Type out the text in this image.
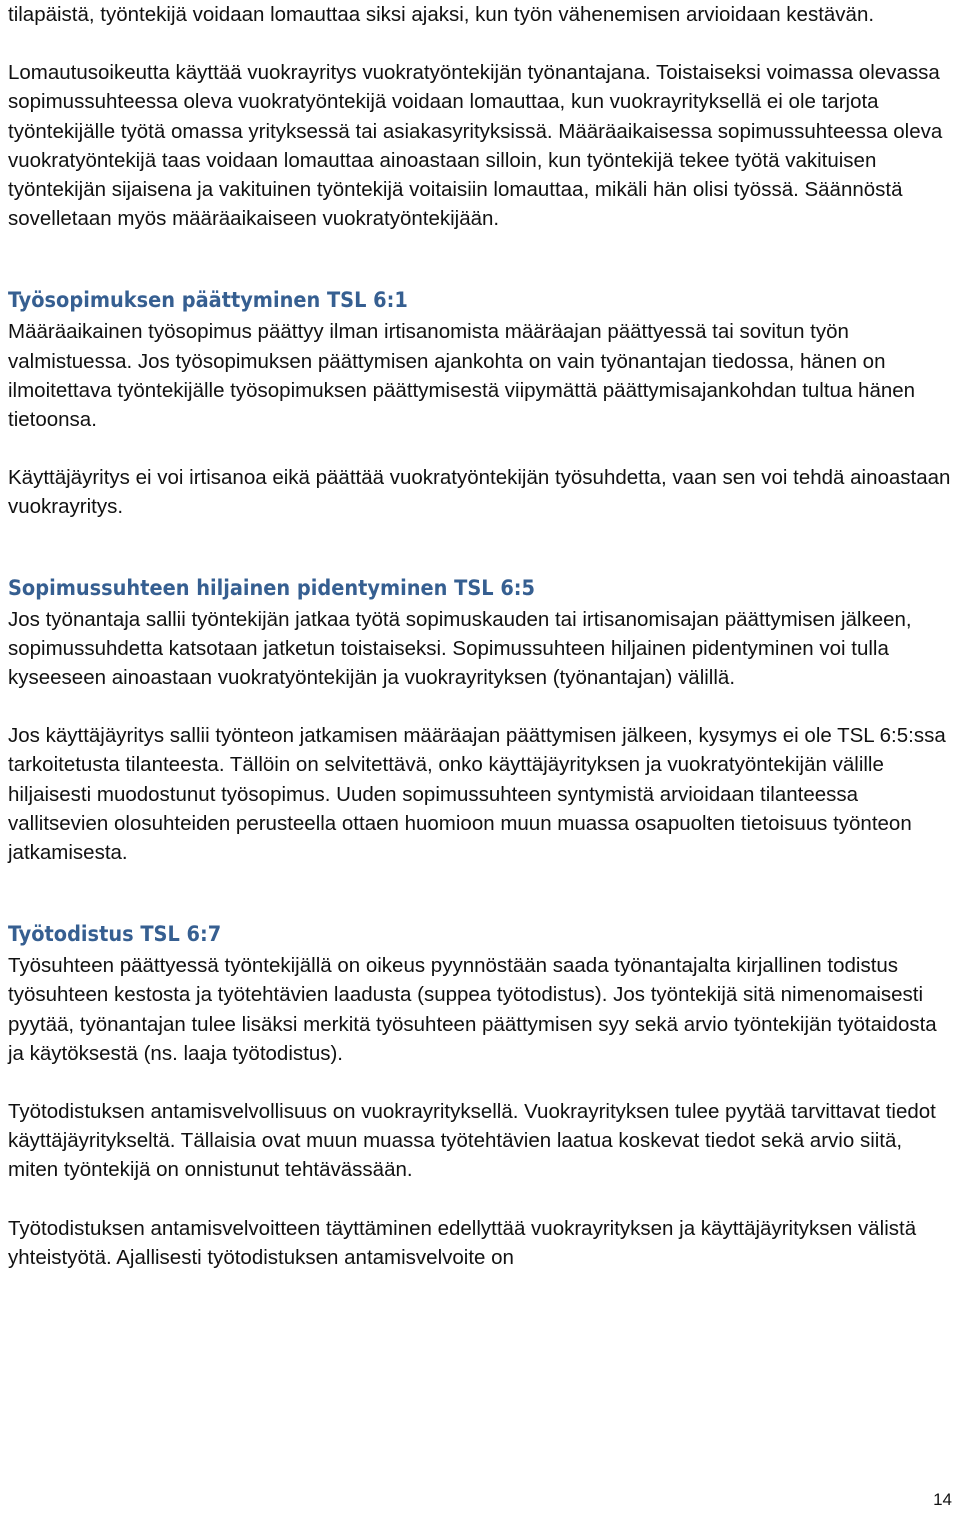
tilapäistä, työntekijä voidaan lomauttaa siksi ajaksi, kun työn vähenemisen arvioidaan kestävän.

Lomautusoikeutta käyttää vuokrayritys vuokratyöntekijän työnantajana. Toistaiseksi voimassa olevassa sopimussuhteessa oleva vuokratyöntekijä voidaan lomauttaa, kun vuokrayrityksellä ei ole tarjota työntekijälle työtä omassa yrityksessä tai asiakasyrityksissä. Määräaikaisessa sopimussuhteessa oleva vuokratyöntekijä taas voidaan lomauttaa ainoastaan silloin, kun työntekijä tekee työtä vakituisen työntekijän sijaisena ja vakituinen työntekijä voitaisiin lomauttaa, mikäli hän olisi työssä. Säännöstä sovelletaan myös määräaikaiseen vuokratyöntekijään.

Työsopimuksen päättyminen TSL 6:1

Määräaikainen työsopimus päättyy ilman irtisanomista määräajan päättyessä tai sovitun työn valmistuessa. Jos työsopimuksen päättymisen ajankohta on vain työnantajan tiedossa, hänen on ilmoitettava työntekijälle työsopimuksen päättymisestä viipymättä päättymisajankohdan tultua hänen tietoonsa.

Käyttäjäyritys ei voi irtisanoa eikä päättää vuokratyöntekijän työsuhdetta, vaan sen voi tehdä ainoastaan vuokrayritys.

Sopimussuhteen hiljainen pidentyminen TSL 6:5

Jos työnantaja sallii työntekijän jatkaa työtä sopimuskauden tai irtisanomisajan päättymisen jälkeen, sopimussuhdetta katsotaan jatketun toistaiseksi. Sopimussuhteen hiljainen pidentyminen voi tulla kyseeseen ainoastaan vuokratyöntekijän ja vuokrayrityksen (työnantajan) välillä.

Jos käyttäjäyritys sallii työnteon jatkamisen määräajan päättymisen jälkeen, kysymys ei ole TSL 6:5:ssa tarkoitetusta tilanteesta. Tällöin on selvitettävä, onko käyttäjäyrityksen ja vuokratyöntekijän välille hiljaisesti muodostunut työsopimus. Uuden sopimussuhteen syntymistä arvioidaan tilanteessa vallitsevien olosuhteiden perusteella ottaen huomioon muun muassa osapuolten tietoisuus työnteon jatkamisesta.

Työtodistus TSL 6:7

Työsuhteen päättyessä työntekijällä on oikeus pyynnöstään saada työnantajalta kirjallinen todistus työsuhteen kestosta ja työtehtävien laadusta (suppea työtodistus). Jos työntekijä sitä nimenomaisesti pyytää, työnantajan tulee lisäksi merkitä työsuhteen päättymisen syy sekä arvio työntekijän työtaidosta ja käytöksestä (ns. laaja työtodistus).

Työtodistuksen antamisvelvollisuus on vuokrayrityksellä. Vuokrayrityksen tulee pyytää tarvittavat tiedot käyttäjäyritykseltä. Tällaisia ovat muun muassa työtehtävien laatua koskevat tiedot sekä arvio siitä, miten työntekijä on onnistunut tehtävässään.

Työtodistuksen antamisvelvoitteen täyttäminen edellyttää vuokrayrityksen ja käyttäjäyrityksen välistä yhteistyötä. Ajallisesti työtodistuksen antamisvelvoite on

14
